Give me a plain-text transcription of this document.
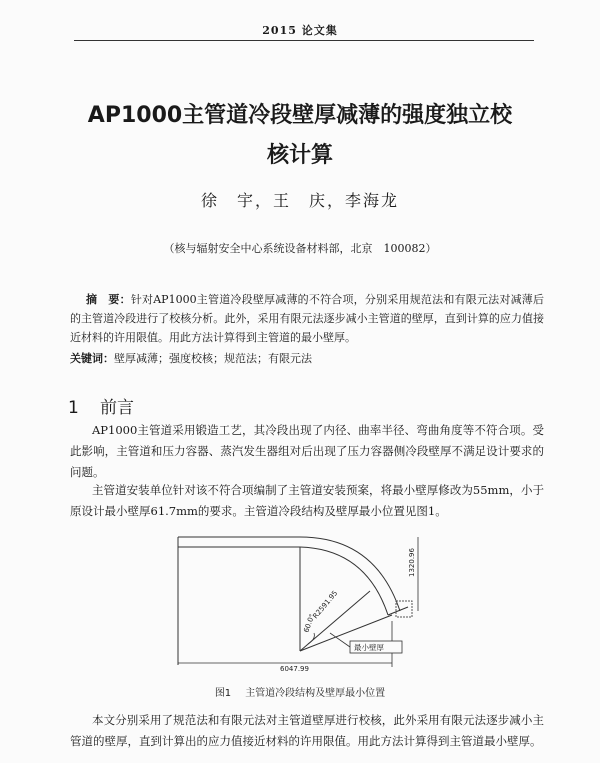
2015 论文集
AP1000主管道冷段壁厚减薄的强度独立校
核计算
徐　宇，王　庆，李海龙
（核与辐射安全中心系统设备材料部，北京　100082）
摘　要：针对AP1000主管道冷段壁厚减薄的不符合项，分别采用规范法和有限元法对减薄后的主管道冷段进行了校核分析。此外，采用有限元法逐步减小主管道的壁厚，直到计算的应力值接近材料的许用限值。用此方法计算得到主管道的最小壁厚。
关键词：壁厚减薄；强度校核；规范法；有限元法
1 前言
AP1000主管道采用锻造工艺，其冷段出现了内径、曲率半径、弯曲角度等不符合项。受此影响，主管道和压力容器、蒸汽发生器组对后出现了压力容器侧冷段壁厚不满足设计要求的问题。
主管道安装单位针对该不符合项编制了主管道安装预案，将最小壁厚修改为55mm，小于原设计最小壁厚61.7mm的要求。主管道冷段结构及壁厚最小位置见图1。
6047.99
R2591.95
60.0°
1320.96
最小壁厚
图1 主管道冷段结构及壁厚最小位置
本文分别采用了规范法和有限元法对主管道壁厚进行校核，此外采用有限元法逐步减小主管道的壁厚，直到计算出的应力值接近材料的许用限值。用此方法计算得到主管道最小壁厚。
